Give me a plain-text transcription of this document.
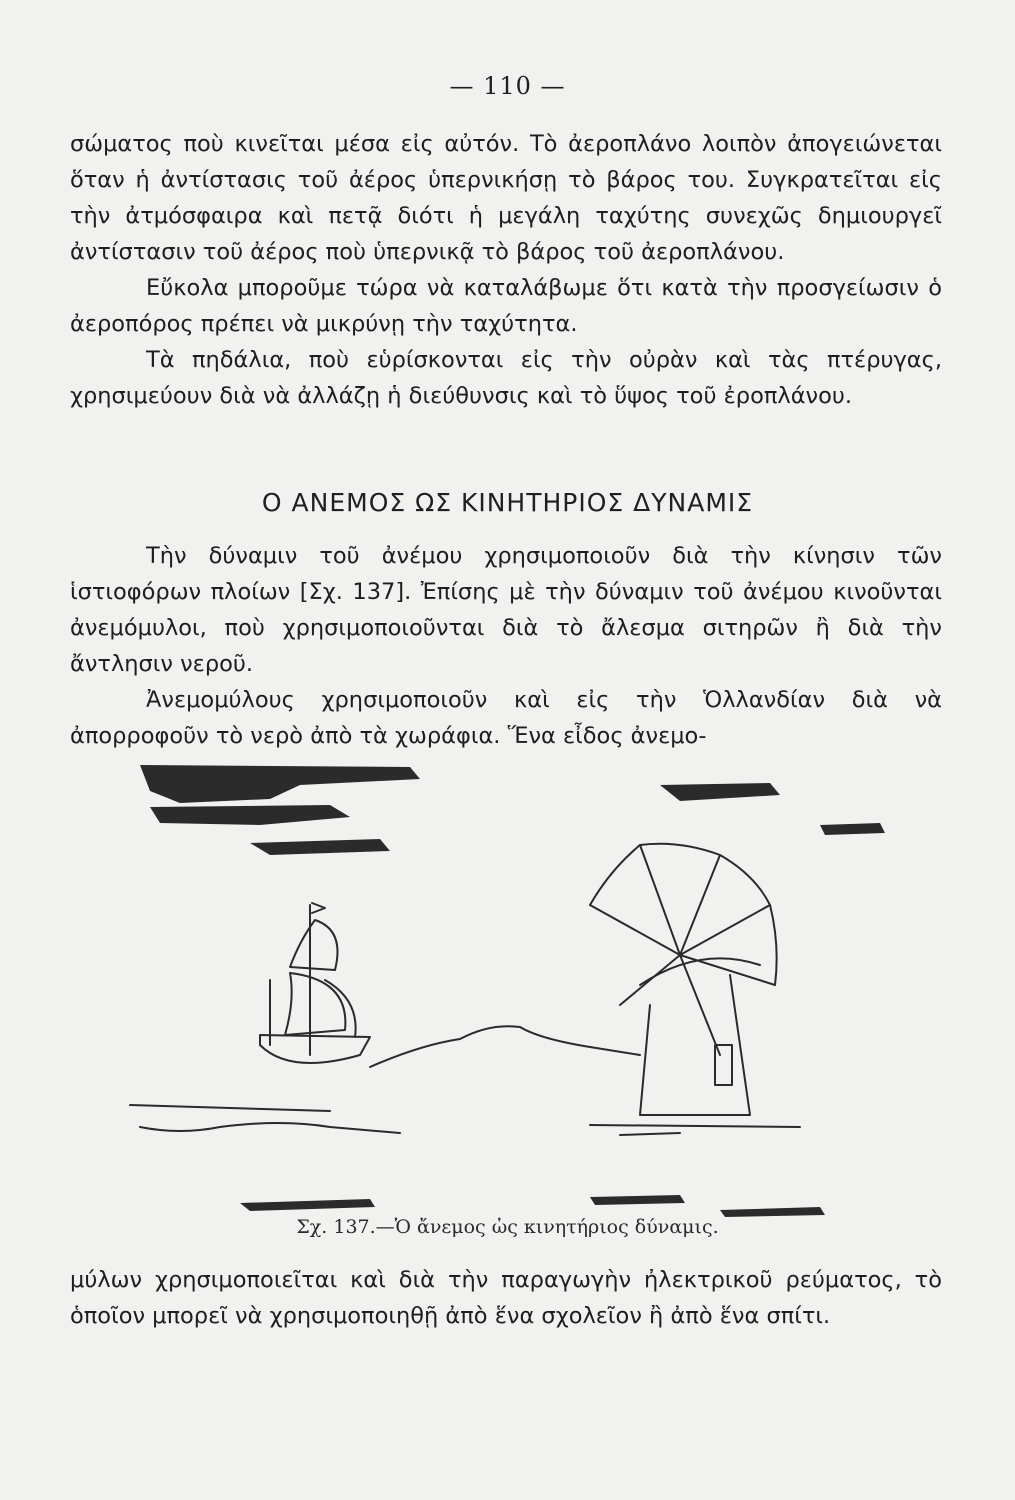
— 110 —

σώματος ποὺ κινεῖται μέσα εἰς αὐτόν. Τὸ ἀεροπλάνο λοιπὸν ἀπογειώνεται ὅταν ἡ ἀντίστασις τοῦ ἀέρος ὑπερνικήσῃ τὸ βάρος του. Συγκρατεῖται εἰς τὴν ἀτμόσφαιρα καὶ πετᾷ διότι ἡ μεγάλη ταχύτης συνεχῶς δημιουργεῖ ἀντίστασιν τοῦ ἀέρος ποὺ ὑπερνικᾷ τὸ βάρος τοῦ ἀεροπλάνου.

Εὔκολα μποροῦμε τώρα νὰ καταλάβωμε ὅτι κατὰ τὴν προσγείωσιν ὁ ἀεροπόρος πρέπει νὰ μικρύνῃ τὴν ταχύτητα.

Τὰ πηδάλια, ποὺ εὑρίσκονται εἰς τὴν οὐρὰν καὶ τὰς πτέρυγας, χρησιμεύουν διὰ νὰ ἀλλάζῃ ἡ διεύθυνσις καὶ τὸ ὕψος τοῦ ἐροπλάνου.

Ο ΑΝΕΜΟΣ ΩΣ ΚΙΝΗΤΗΡΙΟΣ ΔΥΝΑΜΙΣ

Τὴν δύναμιν τοῦ ἀνέμου χρησιμοποιοῦν διὰ τὴν κίνησιν τῶν ἱστιοφόρων πλοίων [Σχ. 137]. Ἐπίσης μὲ τὴν δύναμιν τοῦ ἀνέμου κινοῦνται ἀνεμόμυλοι, ποὺ χρησιμοποιοῦνται διὰ τὸ ἄλεσμα σιτηρῶν ἢ διὰ τὴν ἄντλησιν νεροῦ.

Ἀνεμομύλους χρησιμοποιοῦν καὶ εἰς τὴν Ὁλλανδίαν διὰ νὰ ἀπορροφοῦν τὸ νερὸ ἀπὸ τὰ χωράφια. Ἕνα εἶδος ἀνεμο-

Σχ. 137.—Ὁ ἄνεμος ὡς κινητήριος δύναμις.

μύλων χρησιμοποιεῖται καὶ διὰ τὴν παραγωγὴν ἠλεκτρικοῦ ρεύματος, τὸ ὁποῖον μπορεῖ νὰ χρησιμοποιηθῇ ἀπὸ ἕνα σχολεῖον ἢ ἀπὸ ἕνα σπίτι.
